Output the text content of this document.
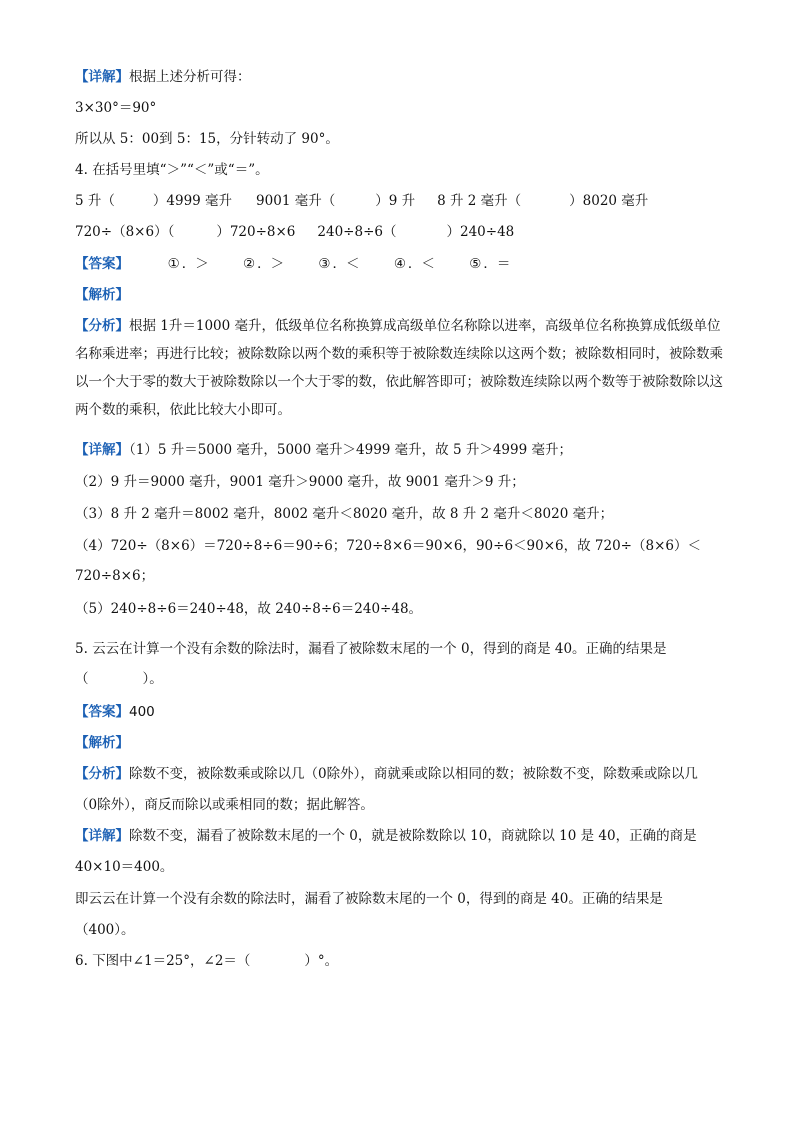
【详解】根据上述分析可得：
3×30°＝90°
所以从 5：00到 5：15，分针转动了 90°。
4. 在括号里填“＞”“＜”或“＝”。
5 升（	）4999 毫升 9001 毫升（	）9 升 8 升 2 毫升（	）8020 毫升
720÷（8×6）（	）720÷8×6 240÷8÷6（	）240÷48
【答案】	① ．＞	② ．＞	③ ．＜	④ ．＜	⑤ ．＝
【解析】
【分析】根据 1升＝1000 毫升，低级单位名称换算成高级单位名称除以进率，高级单位名称换算成低级单位名称乘进率；再进行比较；被除数除以两个数的乘积等于被除数连续除以这两个数；被除数相同时，被除数乘以一个大于零的数大于被除数除以一个大于零的数，依此解答即可；被除数连续除以两个数等于被除数除以这两个数的乘积，依此比较大小即可。
【详解】（1）5 升＝5000 毫升，5000 毫升＞4999 毫升，故 5 升＞4999 毫升；
（2）9 升＝9000 毫升，9001 毫升＞9000 毫升，故 9001 毫升＞9 升；
（3）8 升 2 毫升＝8002 毫升，8002 毫升＜8020 毫升，故 8 升 2 毫升＜8020 毫升；
（4）720÷（8×6）＝720÷8÷6＝90÷6；720÷8×6＝90×6，90÷6＜90×6，故 720÷（8×6）＜
720÷8×6；
（5）240÷8÷6＝240÷48，故 240÷8÷6＝240÷48。
5. 云云在计算一个没有余数的除法时，漏看了被除数末尾的一个 0，得到的商是 40。正确的结果是
（　　　　）。
【答案】400
【解析】
【分析】除数不变，被除数乘或除以几（0除外），商就乘或除以相同的数；被除数不变，除数乘或除以几
（0除外），商反而除以或乘相同的数；据此解答。
【详解】除数不变，漏看了被除数末尾的一个 0，就是被除数除以 10，商就除以 10 是 40，正确的商是
40×10＝400。
即云云在计算一个没有余数的除法时，漏看了被除数末尾的一个 0，得到的商是 40。正确的结果是
（400）。
6. 下图中∠1＝25°，∠2＝（　　　　）°。
